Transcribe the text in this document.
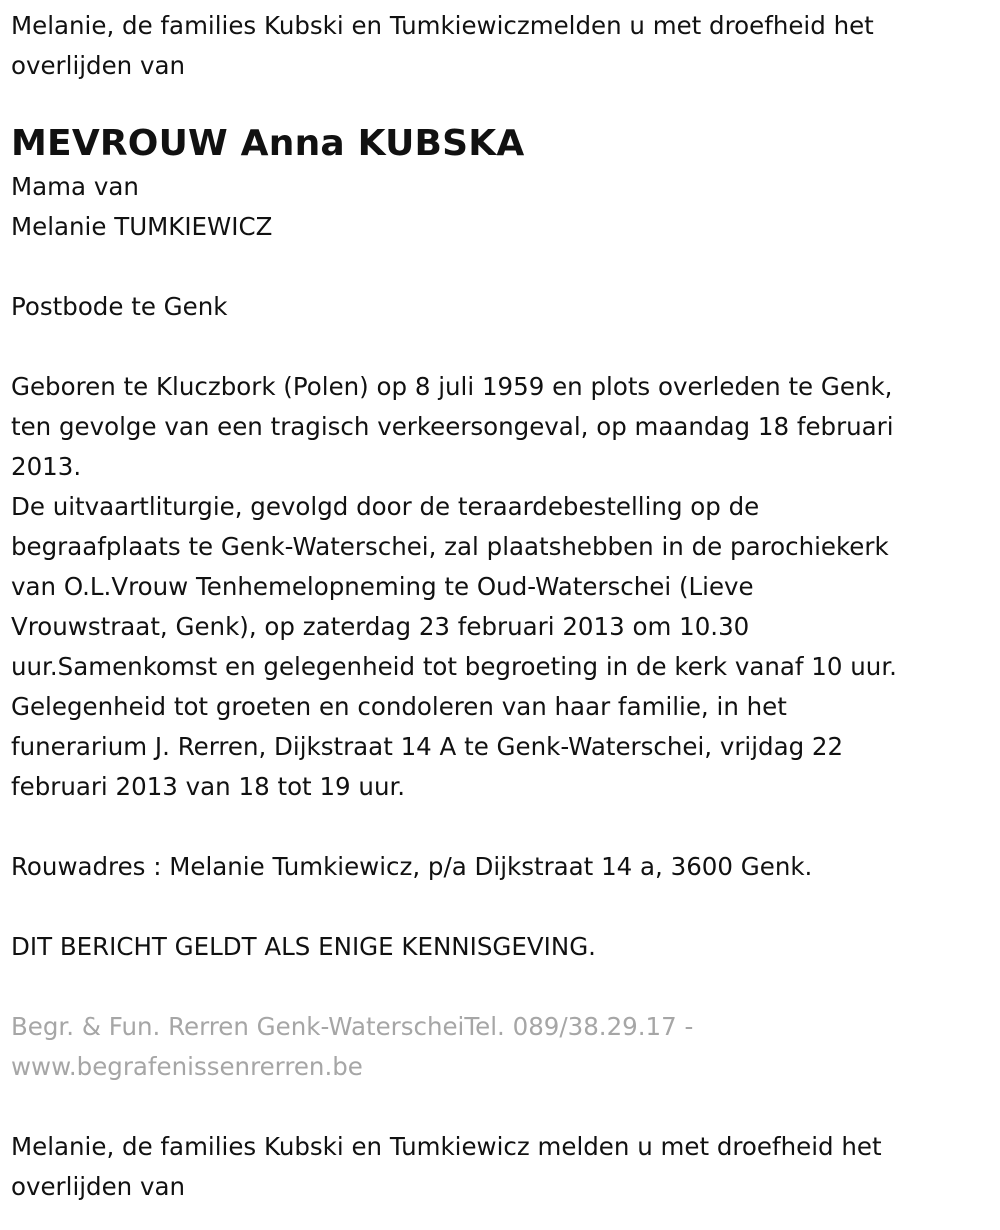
Melanie, de families Kubski en Tumkiewiczmelden u met droefheid het
overlijden van
MEVROUW Anna KUBSKA
Mama van
Melanie TUMKIEWICZ
Postbode te Genk
Geboren te Kluczbork (Polen) op 8 juli 1959 en plots overleden te Genk,
ten gevolge van een tragisch verkeersongeval, op maandag 18 februari
2013.
De uitvaartliturgie, gevolgd door de teraardebestelling op de
begraafplaats te Genk-Waterschei, zal plaatshebben in de parochiekerk
van O.L.Vrouw Tenhemelopneming te Oud-Waterschei (Lieve
Vrouwstraat, Genk), op zaterdag 23 februari 2013 om 10.30
uur.Samenkomst en gelegenheid tot begroeting in de kerk vanaf 10 uur.
Gelegenheid tot groeten en condoleren van haar familie, in het
funerarium J. Rerren, Dijkstraat 14 A te Genk-Waterschei, vrijdag 22
februari 2013 van 18 tot 19 uur.
Rouwadres : Melanie Tumkiewicz, p/a Dijkstraat 14 a, 3600 Genk.
DIT BERICHT GELDT ALS ENIGE KENNISGEVING.
Begr. & Fun. Rerren Genk-WaterscheiTel. 089/38.29.17 -
www.begrafenissenrerren.be
Melanie, de families Kubski en Tumkiewicz melden u met droefheid het
overlijden van
